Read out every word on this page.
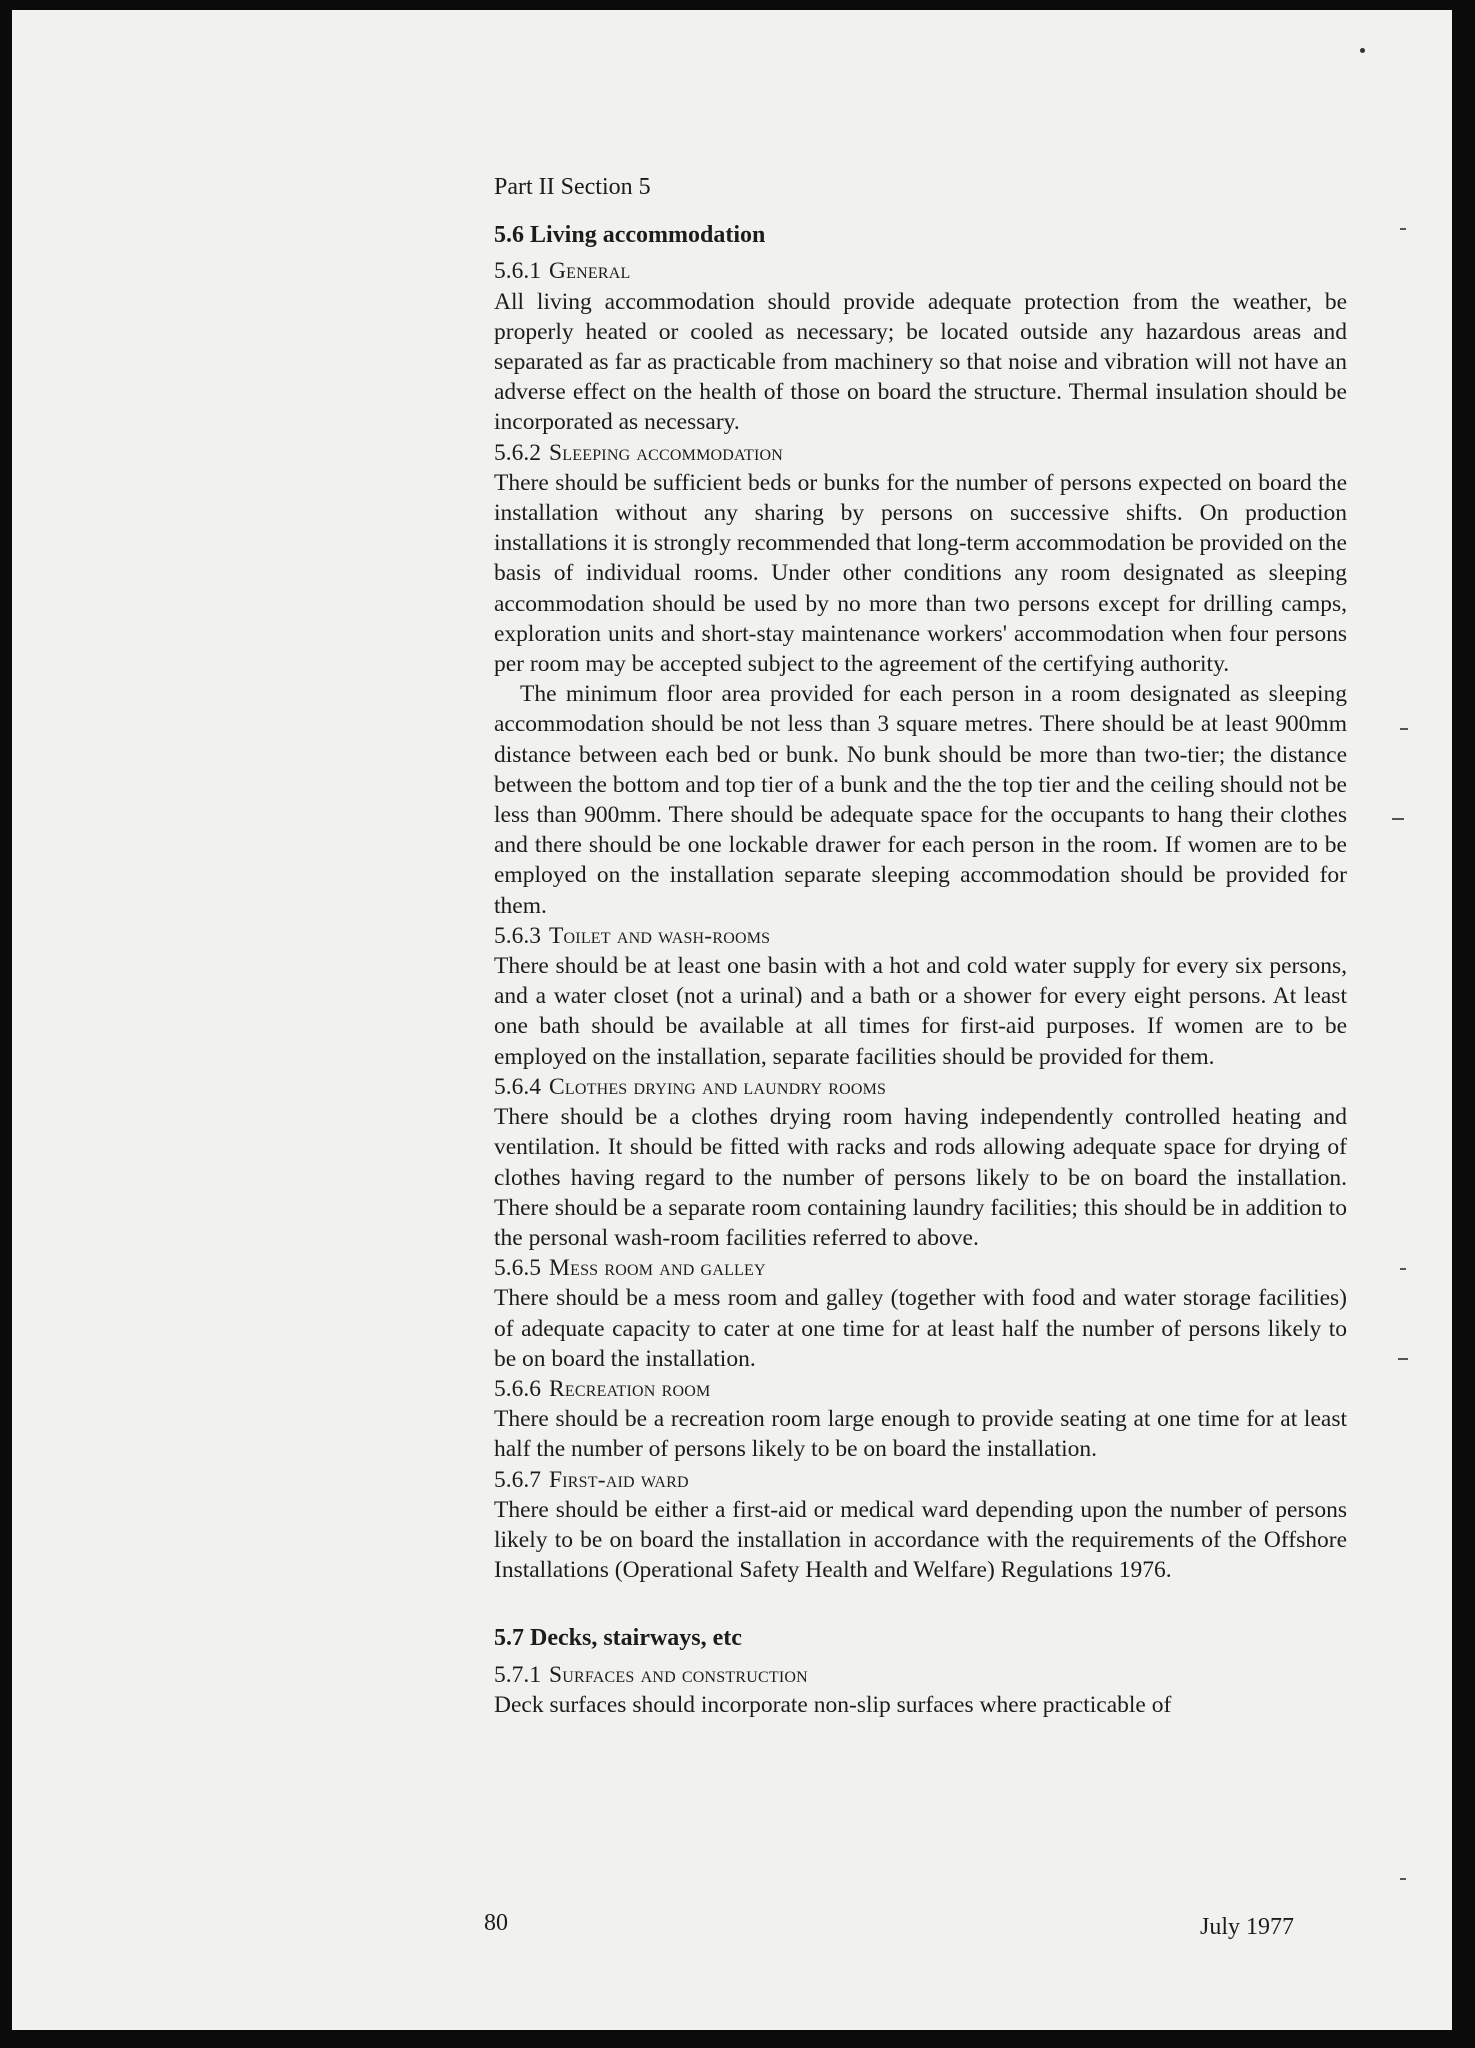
Part II Section 5
5.6 Living accommodation
5.6.1 General

All living accommodation should provide adequate protection from the weather, be properly heated or cooled as necessary; be located outside any hazardous areas and separated as far as practicable from machinery so that noise and vibration will not have an adverse effect on the health of those on board the structure. Thermal insulation should be incorporated as necessary.

5.6.2 Sleeping accommodation

There should be sufficient beds or bunks for the number of persons expected on board the installation without any sharing by persons on successive shifts. On production installations it is strongly recommended that long-term accommodation be provided on the basis of individual rooms. Under other conditions any room designated as sleeping accommodation should be used by no more than two persons except for drilling camps, exploration units and short-stay maintenance workers' accommodation when four persons per room may be accepted subject to the agreement of the certifying authority.

The minimum floor area provided for each person in a room designated as sleeping accommodation should be not less than 3 square metres. There should be at least 900mm distance between each bed or bunk. No bunk should be more than two-tier; the distance between the bottom and top tier of a bunk and the the top tier and the ceiling should not be less than 900mm. There should be adequate space for the occupants to hang their clothes and there should be one lockable drawer for each person in the room. If women are to be employed on the installation separate sleeping accommodation should be provided for them.

5.6.3 Toilet and wash-rooms

There should be at least one basin with a hot and cold water supply for every six persons, and a water closet (not a urinal) and a bath or a shower for every eight persons. At least one bath should be available at all times for first-aid purposes. If women are to be employed on the installation, separate facilities should be provided for them.

5.6.4 Clothes drying and laundry rooms

There should be a clothes drying room having independently controlled heating and ventilation. It should be fitted with racks and rods allowing adequate space for drying of clothes having regard to the number of persons likely to be on board the installation. There should be a separate room containing laundry facilities; this should be in addition to the personal wash-room facilities referred to above.

5.6.5 Mess room and galley

There should be a mess room and galley (together with food and water storage facilities) of adequate capacity to cater at one time for at least half the number of persons likely to be on board the installation.

5.6.6 Recreation room

There should be a recreation room large enough to provide seating at one time for at least half the number of persons likely to be on board the installation.

5.6.7 First-aid ward

There should be either a first-aid or medical ward depending upon the number of persons likely to be on board the installation in accordance with the requirements of the Offshore Installations (Operational Safety Health and Welfare) Regulations 1976.

5.7 Decks, stairways, etc
5.7.1 Surfaces and construction

Deck surfaces should incorporate non-slip surfaces where practicable of

80	July 1977
